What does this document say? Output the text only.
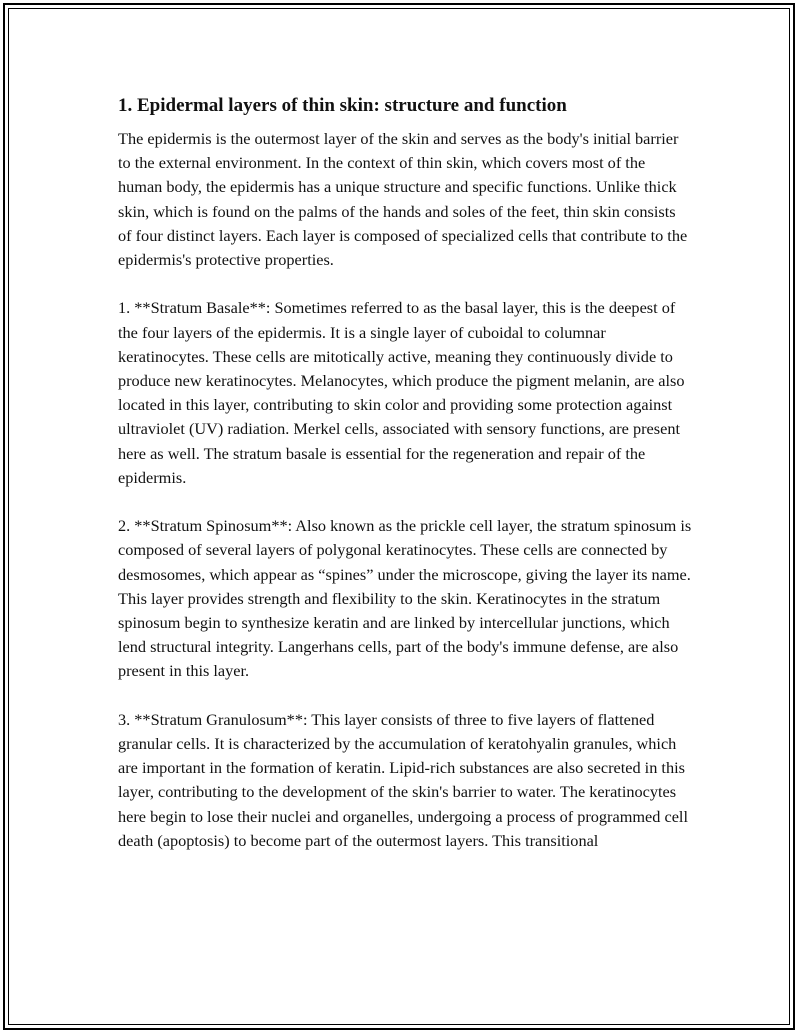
1. Epidermal layers of thin skin: structure and function

The epidermis is the outermost layer of the skin and serves as the body's initial barrier to the external environment. In the context of thin skin, which covers most of the human body, the epidermis has a unique structure and specific functions. Unlike thick skin, which is found on the palms of the hands and soles of the feet, thin skin consists of four distinct layers. Each layer is composed of specialized cells that contribute to the epidermis's protective properties.

1. **Stratum Basale**: Sometimes referred to as the basal layer, this is the deepest of the four layers of the epidermis. It is a single layer of cuboidal to columnar keratinocytes. These cells are mitotically active, meaning they continuously divide to produce new keratinocytes. Melanocytes, which produce the pigment melanin, are also located in this layer, contributing to skin color and providing some protection against ultraviolet (UV) radiation. Merkel cells, associated with sensory functions, are present here as well. The stratum basale is essential for the regeneration and repair of the epidermis.

2. **Stratum Spinosum**: Also known as the prickle cell layer, the stratum spinosum is composed of several layers of polygonal keratinocytes. These cells are connected by desmosomes, which appear as “spines” under the microscope, giving the layer its name. This layer provides strength and flexibility to the skin. Keratinocytes in the stratum spinosum begin to synthesize keratin and are linked by intercellular junctions, which lend structural integrity. Langerhans cells, part of the body's immune defense, are also present in this layer.

3. **Stratum Granulosum**: This layer consists of three to five layers of flattened granular cells. It is characterized by the accumulation of keratohyalin granules, which are important in the formation of keratin. Lipid-rich substances are also secreted in this layer, contributing to the development of the skin's barrier to water. The keratinocytes here begin to lose their nuclei and organelles, undergoing a process of programmed cell death (apoptosis) to become part of the outermost layers. This transitional
